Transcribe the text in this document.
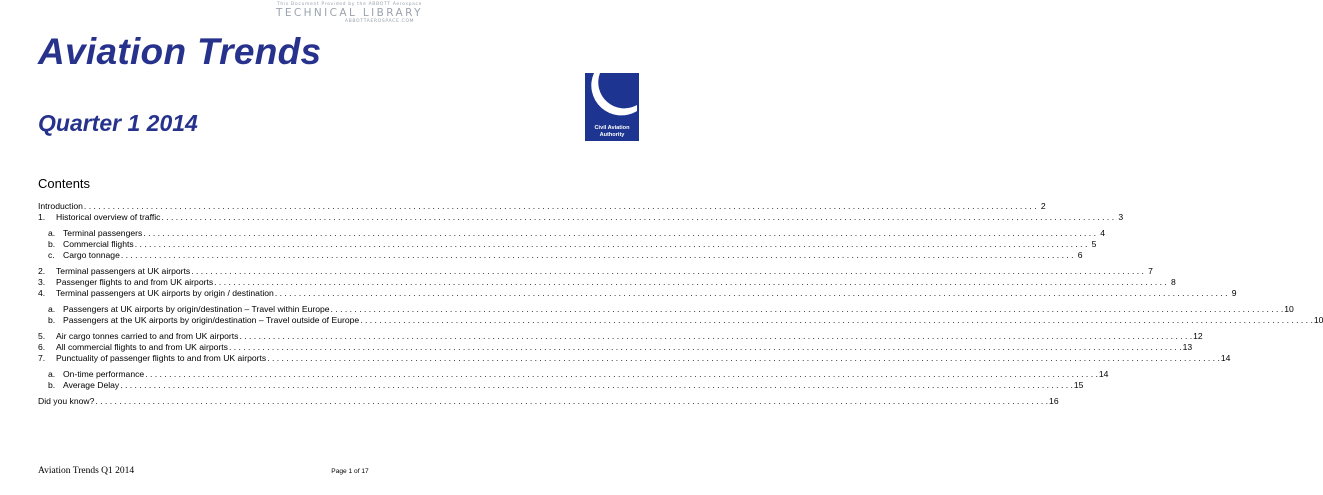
This Document Provided by the ABBOTT Aerospace
TECHNICAL LIBRARY
ABBOTTAEROSPACE.COM
Aviation Trends
Quarter 1 2014	Civil Aviation
Authority
Contents
Introduction . . . . . . . . . . . . . . . . . . . . . . . . . . . . . . . . . . . . . . . . . . . . . . . . . . . . . . . . . . . . . . . . . . . . . . . . . . . . . . . . . . . . . . . . . . . . . . . . . . . . . . . . . . . . . . . . . . . . . . . . . . . . . . . . . . . . . . . . . . . . . . . . . . . . . . . . . . . . . . . . . . . . . . . . . . . . . . . . . . . . . . . . . . . . . . . . . . . . . . . . 2
1.	Historical overview of traffic . . . . . . . . . . . . . . . . . . . . . . . . . . . . . . . . . . . . . . . . . . . . . . . . . . . . . . . . . . . . . . . . . . . . . . . . . . . . . . . . . . . . . . . . . . . . . . . . . . . . . . . . . . . . . . . . . . . . . . . . . . . . . . . . . . . . . . . . . . . . . . . . . . . . . . . . . . . . . . . . . . . . . . . . . . . . . . . . . . . . . . . . . . . . . . . . . . . . . . . . 3
a. Terminal passengers . . . . . . . . . . . . . . . . . . . . . . . . . . . . . . . . . . . . . . . . . . . . . . . . . . . . . . . . . . . . . . . . . . . . . . . . . . . . . . . . . . . . . . . . . . . . . . . . . . . . . . . . . . . . . . . . . . . . . . . . . . . . . . . . . . . . . . . . . . . . . . . . . . . . . . . . . . . . . . . . . . . . . . . . . . . . . . . . . . . . . . . . . . . . . . . . . . . . . . . . 4
b. Commercial flights . . . . . . . . . . . . . . . . . . . . . . . . . . . . . . . . . . . . . . . . . . . . . . . . . . . . . . . . . . . . . . . . . . . . . . . . . . . . . . . . . . . . . . . . . . . . . . . . . . . . . . . . . . . . . . . . . . . . . . . . . . . . . . . . . . . . . . . . . . . . . . . . . . . . . . . . . . . . . . . . . . . . . . . . . . . . . . . . . . . . . . . . . . . . . . . . . . . . . . . . 5
c. Cargo tonnage . . . . . . . . . . . . . . . . . . . . . . . . . . . . . . . . . . . . . . . . . . . . . . . . . . . . . . . . . . . . . . . . . . . . . . . . . . . . . . . . . . . . . . . . . . . . . . . . . . . . . . . . . . . . . . . . . . . . . . . . . . . . . . . . . . . . . . . . . . . . . . . . . . . . . . . . . . . . . . . . . . . . . . . . . . . . . . . . . . . . . . . . . . . . . . . . . . . . . . . . 6
2.	Terminal passengers at UK airports . . . . . . . . . . . . . . . . . . . . . . . . . . . . . . . . . . . . . . . . . . . . . . . . . . . . . . . . . . . . . . . . . . . . . . . . . . . . . . . . . . . . . . . . . . . . . . . . . . . . . . . . . . . . . . . . . . . . . . . . . . . . . . . . . . . . . . . . . . . . . . . . . . . . . . . . . . . . . . . . . . . . . . . . . . . . . . . . . . . . . . . . . . . . . . . . . . . . . . . . 7
3.	Passenger flights to and from UK airports . . . . . . . . . . . . . . . . . . . . . . . . . . . . . . . . . . . . . . . . . . . . . . . . . . . . . . . . . . . . . . . . . . . . . . . . . . . . . . . . . . . . . . . . . . . . . . . . . . . . . . . . . . . . . . . . . . . . . . . . . . . . . . . . . . . . . . . . . . . . . . . . . . . . . . . . . . . . . . . . . . . . . . . . . . . . . . . . . . . . . . . . . . . . . . . . . . . . . . . . 8
4.	Terminal passengers at UK airports by origin / destination . . . . . . . . . . . . . . . . . . . . . . . . . . . . . . . . . . . . . . . . . . . . . . . . . . . . . . . . . . . . . . . . . . . . . . . . . . . . . . . . . . . . . . . . . . . . . . . . . . . . . . . . . . . . . . . . . . . . . . . . . . . . . . . . . . . . . . . . . . . . . . . . . . . . . . . . . . . . . . . . . . . . . . . . . . . . . . . . . . . . . . . . . . . . . . . . . . . . . . . . 9
a. Passengers at UK airports by origin/destination – Travel within Europe . . . . . . . . . . . . . . . . . . . . . . . . . . . . . . . . . . . . . . . . . . . . . . . . . . . . . . . . . . . . . . . . . . . . . . . . . . . . . . . . . . . . . . . . . . . . . . . . . . . . . . . . . . . . . . . . . . . . . . . . . . . . . . . . . . . . . . . . . . . . . . . . . . . . . . . . . . . . . . . . . . . . . . . . . . . . . . . . . . . . . . . . . . . . . . . . . . . . . . . . 10
b. Passengers at the UK airports by origin/destination – Travel outside of Europe . . . . . . . . . . . . . . . . . . . . . . . . . . . . . . . . . . . . . . . . . . . . . . . . . . . . . . . . . . . . . . . . . . . . . . . . . . . . . . . . . . . . . . . . . . . . . . . . . . . . . . . . . . . . . . . . . . . . . . . . . . . . . . . . . . . . . . . . . . . . . . . . . . . . . . . . . . . . . . . . . . . . . . . . . . . . . . . . . . . . . . . . . . . . . . . . . . . . . . . . 10
5.	Air cargo tonnes carried to and from UK airports . . . . . . . . . . . . . . . . . . . . . . . . . . . . . . . . . . . . . . . . . . . . . . . . . . . . . . . . . . . . . . . . . . . . . . . . . . . . . . . . . . . . . . . . . . . . . . . . . . . . . . . . . . . . . . . . . . . . . . . . . . . . . . . . . . . . . . . . . . . . . . . . . . . . . . . . . . . . . . . . . . . . . . . . . . . . . . . . . . . . . . . . . . . . . . . . . . . . . . . . 12
6.	All commercial flights to and from UK airports . . . . . . . . . . . . . . . . . . . . . . . . . . . . . . . . . . . . . . . . . . . . . . . . . . . . . . . . . . . . . . . . . . . . . . . . . . . . . . . . . . . . . . . . . . . . . . . . . . . . . . . . . . . . . . . . . . . . . . . . . . . . . . . . . . . . . . . . . . . . . . . . . . . . . . . . . . . . . . . . . . . . . . . . . . . . . . . . . . . . . . . . . . . . . . . . . . . . . . . . 13
7.	Punctuality of passenger flights to and from UK airports . . . . . . . . . . . . . . . . . . . . . . . . . . . . . . . . . . . . . . . . . . . . . . . . . . . . . . . . . . . . . . . . . . . . . . . . . . . . . . . . . . . . . . . . . . . . . . . . . . . . . . . . . . . . . . . . . . . . . . . . . . . . . . . . . . . . . . . . . . . . . . . . . . . . . . . . . . . . . . . . . . . . . . . . . . . . . . . . . . . . . . . . . . . . . . . . . . . . . . . . 14
a. On-time performance . . . . . . . . . . . . . . . . . . . . . . . . . . . . . . . . . . . . . . . . . . . . . . . . . . . . . . . . . . . . . . . . . . . . . . . . . . . . . . . . . . . . . . . . . . . . . . . . . . . . . . . . . . . . . . . . . . . . . . . . . . . . . . . . . . . . . . . . . . . . . . . . . . . . . . . . . . . . . . . . . . . . . . . . . . . . . . . . . . . . . . . . . . . . . . . . . . . . . . . . 14
b. Average Delay . . . . . . . . . . . . . . . . . . . . . . . . . . . . . . . . . . . . . . . . . . . . . . . . . . . . . . . . . . . . . . . . . . . . . . . . . . . . . . . . . . . . . . . . . . . . . . . . . . . . . . . . . . . . . . . . . . . . . . . . . . . . . . . . . . . . . . . . . . . . . . . . . . . . . . . . . . . . . . . . . . . . . . . . . . . . . . . . . . . . . . . . . . . . . . . . . . . . . . . . 15
Did you know? . . . . . . . . . . . . . . . . . . . . . . . . . . . . . . . . . . . . . . . . . . . . . . . . . . . . . . . . . . . . . . . . . . . . . . . . . . . . . . . . . . . . . . . . . . . . . . . . . . . . . . . . . . . . . . . . . . . . . . . . . . . . . . . . . . . . . . . . . . . . . . . . . . . . . . . . . . . . . . . . . . . . . . . . . . . . . . . . . . . . . . . . . . . . . . . . . . . . . . . . 16
Aviation Trends Q1 2014	Page 1 of 17
